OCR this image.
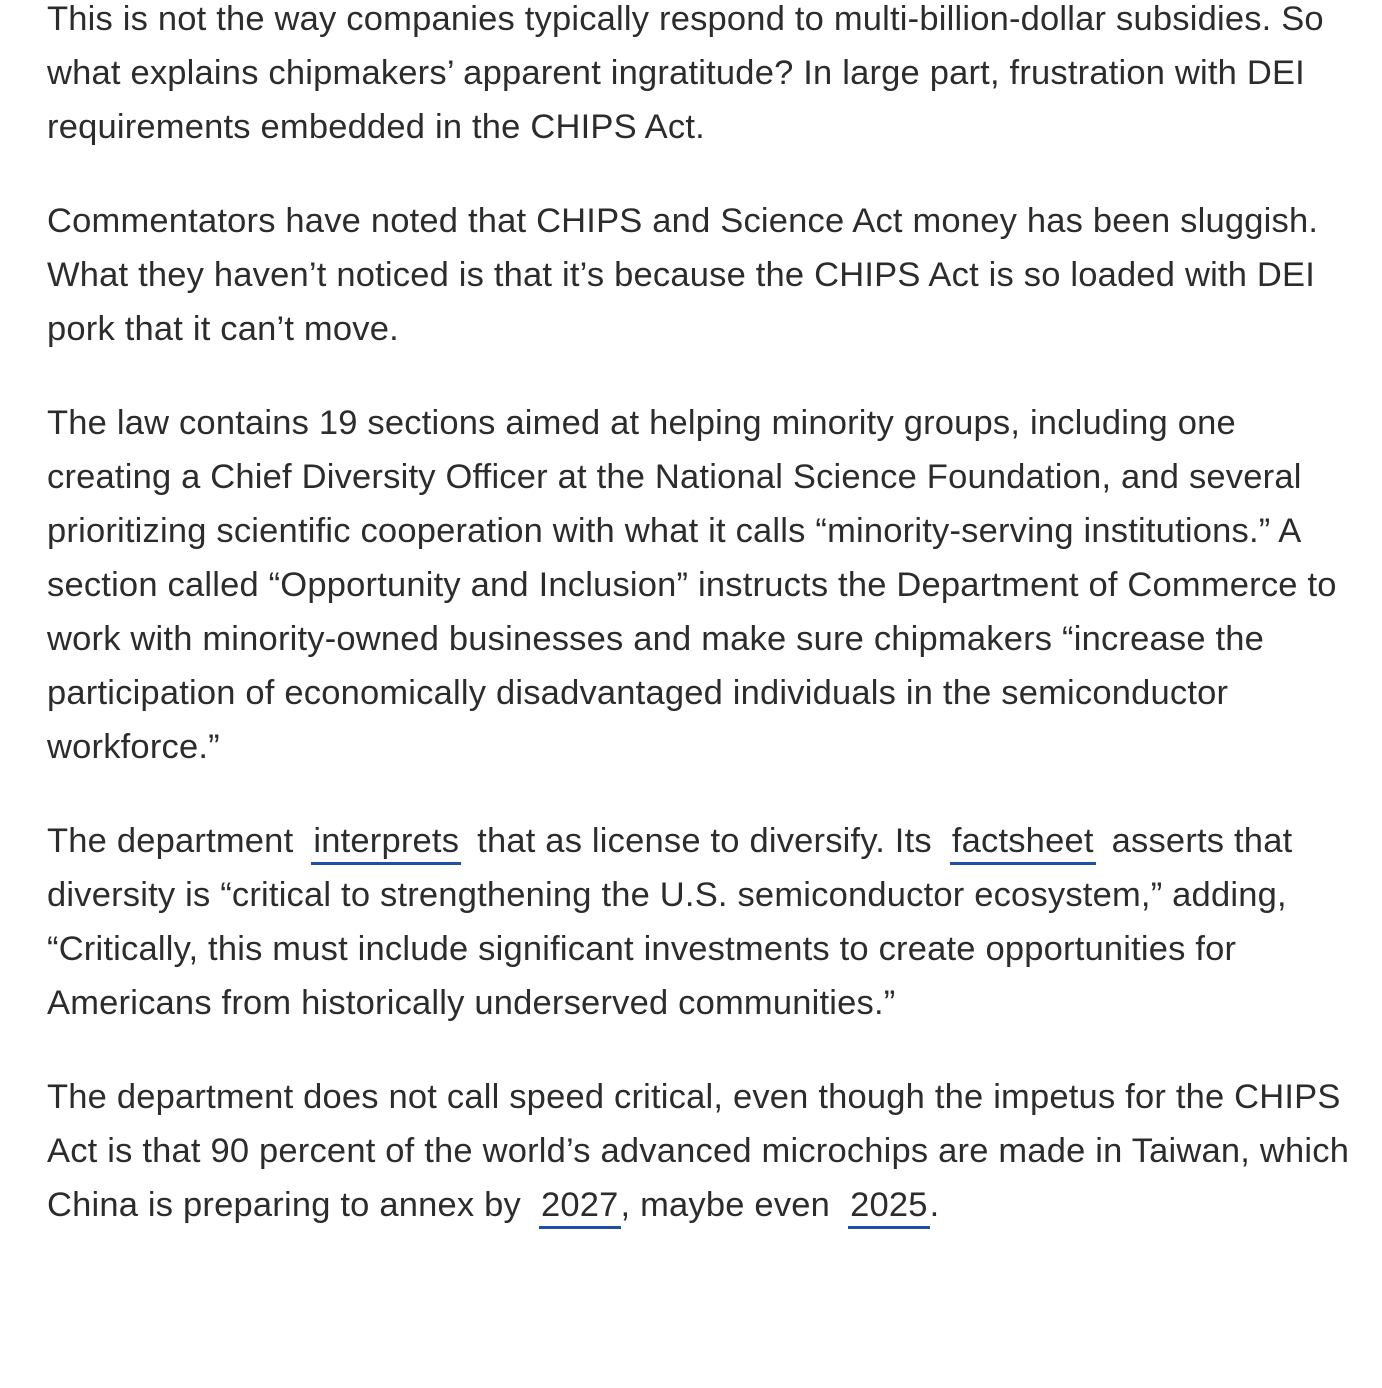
This is not the way companies typically respond to multi-billion-dollar subsidies. So what explains chipmakers’ apparent ingratitude? In large part, frustration with DEI requirements embedded in the CHIPS Act.

Commentators have noted that CHIPS and Science Act money has been sluggish. What they haven’t noticed is that it’s because the CHIPS Act is so loaded with DEI pork that it can’t move.

The law contains 19 sections aimed at helping minority groups, including one creating a Chief Diversity Officer at the National Science Foundation, and several prioritizing scientific cooperation with what it calls “minority-serving institutions.” A section called “Opportunity and Inclusion” instructs the Department of Commerce to work with minority-owned businesses and make sure chipmakers “increase the participation of economically disadvantaged individuals in the semiconductor workforce.”

The department interprets that as license to diversify. Its factsheet asserts that diversity is “critical to strengthening the U.S. semiconductor ecosystem,” adding, “Critically, this must include significant investments to create opportunities for Americans from historically underserved communities.”

The department does not call speed critical, even though the impetus for the CHIPS Act is that 90 percent of the world’s advanced microchips are made in Taiwan, which China is preparing to annex by 2027, maybe even 2025.
